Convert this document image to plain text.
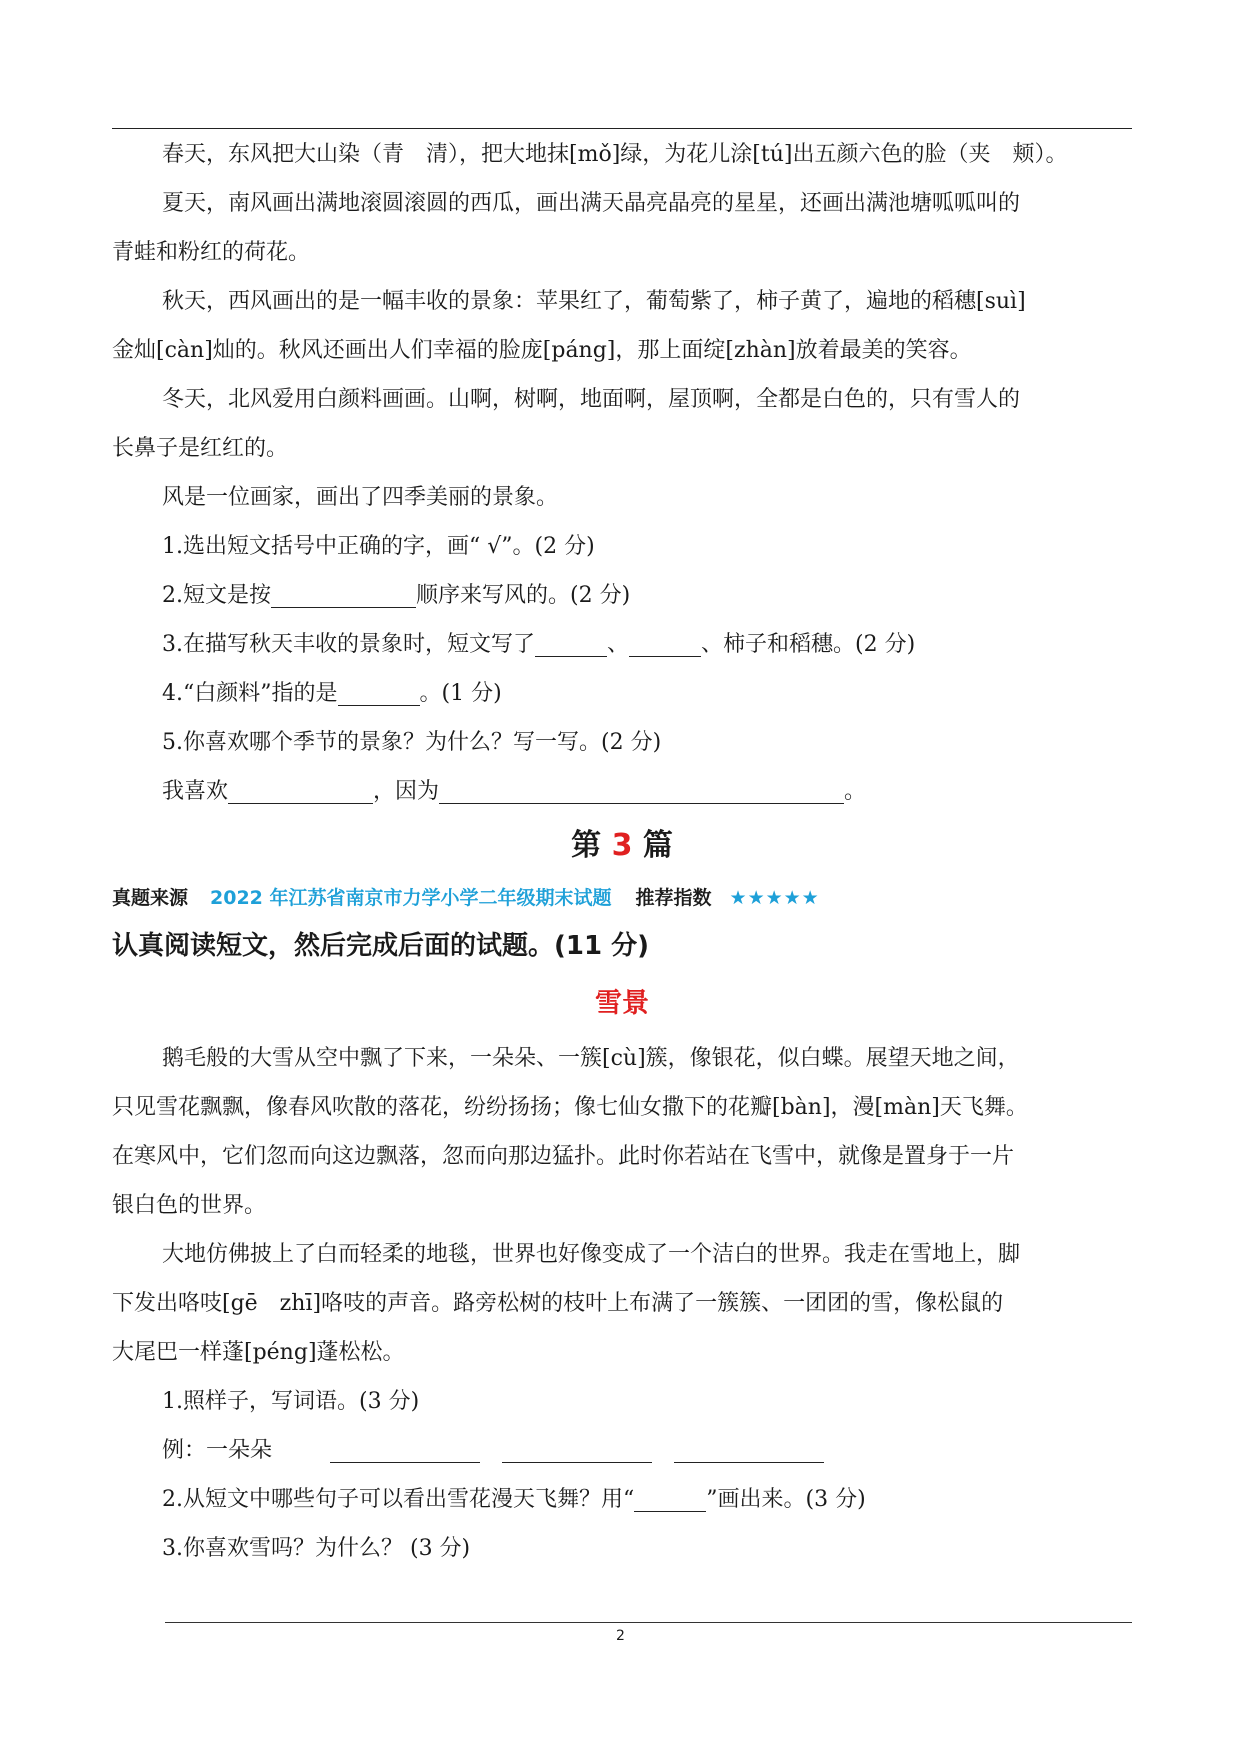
春天，东风把大山染（青　清），把大地抹[mǒ]绿，为花儿涂[tú]出五颜六色的脸（夹　颊）。

夏天，南风画出满地滚圆滚圆的西瓜，画出满天晶亮晶亮的星星，还画出满池塘呱呱叫的

青蛙和粉红的荷花。

秋天，西风画出的是一幅丰收的景象：苹果红了，葡萄紫了，柿子黄了，遍地的稻穗[suì]

金灿[càn]灿的。秋风还画出人们幸福的脸庞[páng]，那上面绽[zhàn]放着最美的笑容。

冬天，北风爱用白颜料画画。山啊，树啊，地面啊，屋顶啊，全都是白色的，只有雪人的

长鼻子是红红的。

风是一位画家，画出了四季美丽的景象。

1.选出短文括号中正确的字，画“ √”。(2 分)

2.短文是按	顺序来写风的。(2 分)

3.在描写秋天丰收的景象时，短文写了	、	、柿子和稻穗。(2 分)

4.“白颜料”指的是	。(1 分)

5.你喜欢哪个季节的景象？为什么？写一写。(2 分)

我喜欢	，因为	。

第 3 篇
真题来源 2022 年江苏省南京市力学小学二年级期末试题 推荐指数 ★★★★★
认真阅读短文，然后完成后面的试题。(11 分)
雪景

鹅毛般的大雪从空中飘了下来，一朵朵、一簇[cù]簇，像银花，似白蝶。展望天地之间，

只见雪花飘飘，像春风吹散的落花，纷纷扬扬；像七仙女撒下的花瓣[bàn]，漫[màn]天飞舞。

在寒风中，它们忽而向这边飘落，忽而向那边猛扑。此时你若站在飞雪中，就像是置身于一片

银白色的世界。

大地仿佛披上了白而轻柔的地毯，世界也好像变成了一个洁白的世界。我走在雪地上，脚

下发出咯吱[gē　zhī]咯吱的声音。路旁松树的枝叶上布满了一簇簇、一团团的雪，像松鼠的

大尾巴一样蓬[péng]蓬松松。

1.照样子，写词语。(3 分)

例：一朵朵

2.从短文中哪些句子可以看出雪花漫天飞舞？用“	”画出来。(3 分)

3.你喜欢雪吗？为什么？ (3 分)

2
